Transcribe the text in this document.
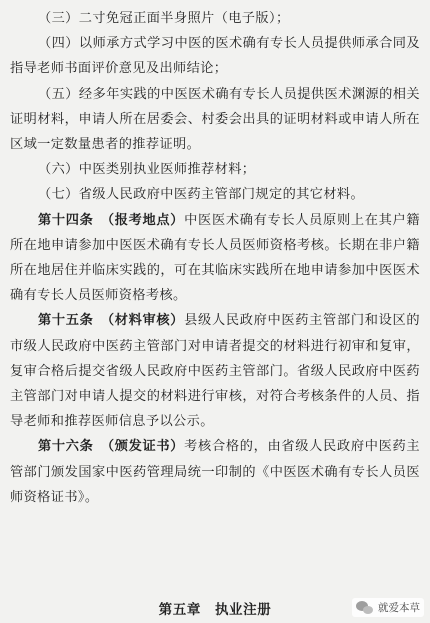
（三）二寸免冠正面半身照片（电子版）；

（四）以师承方式学习中医的医术确有专长人员提供师承合同及指导老师书面评价意见及出师结论；

（五）经多年实践的中医医术确有专长人员提供医术渊源的相关证明材料，申请人所在居委会、村委会出具的证明材料或申请人所在区域一定数量患者的推荐证明。

（六）中医类别执业医师推荐材料；

（七）省级人民政府中医药主管部门规定的其它材料。

第十四条　（报考地点）中医医术确有专长人员原则上在其户籍所在地申请参加中医医术确有专长人员医师资格考核。长期在非户籍所在地居住并临床实践的，可在其临床实践所在地申请参加中医医术确有专长人员医师资格考核。

第十五条　（材料审核）县级人民政府中医药主管部门和设区的市级人民政府中医药主管部门对申请者提交的材料进行初审和复审，复审合格后提交省级人民政府中医药主管部门。省级人民政府中医药主管部门对申请人提交的材料进行审核，对符合考核条件的人员、指导老师和推荐医师信息予以公示。

第十六条　（颁发证书）考核合格的，由省级人民政府中医药主管部门颁发国家中医药管理局统一印制的《中医医术确有专长人员医师资格证书》。

第五章 执业注册	就爱本草
